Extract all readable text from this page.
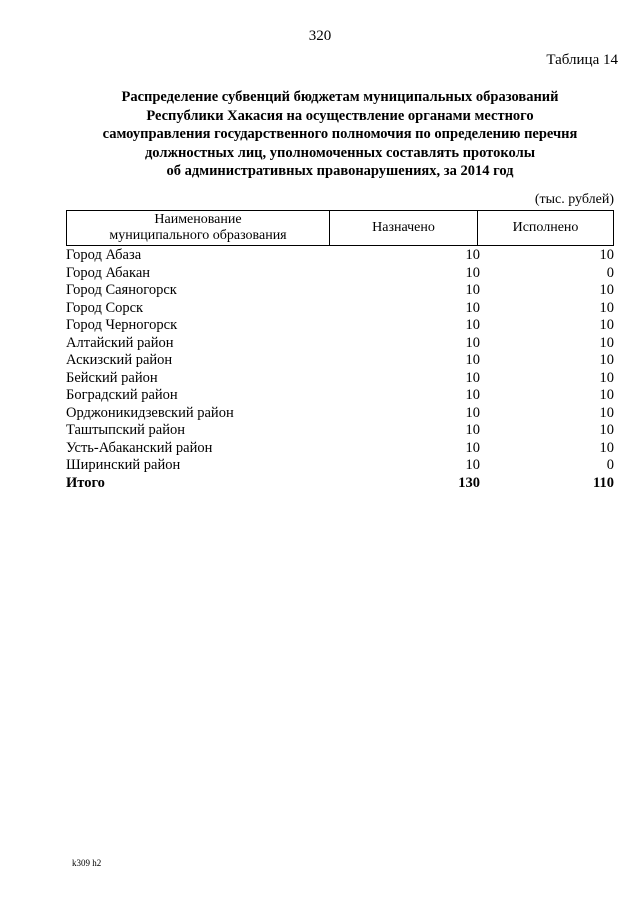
320
Таблица 14
Распределение субвенций бюджетам муниципальных образований
Республики Хакасия на осуществление органами местного
самоуправления государственного полномочия по определению перечня
должностных лиц, уполномоченных составлять протоколы
об административных правонарушениях, за 2014 год
(тыс. рублей)
Наименование
муниципального образования
Назначено	Исполнено
Город Абаза	10	10
Город Абакан	10	0
Город Саяногорск	10	10
Город Сорск	10	10
Город Черногорск	10	10
Алтайский район	10	10
Аскизский район	10	10
Бейский район	10	10
Боградский район	10	10
Орджоникидзевский район	10	10
Таштыпский район	10	10
Усть-Абаканский район	10	10
Ширинский район	10	0
Итого	130	110
k309 h2
